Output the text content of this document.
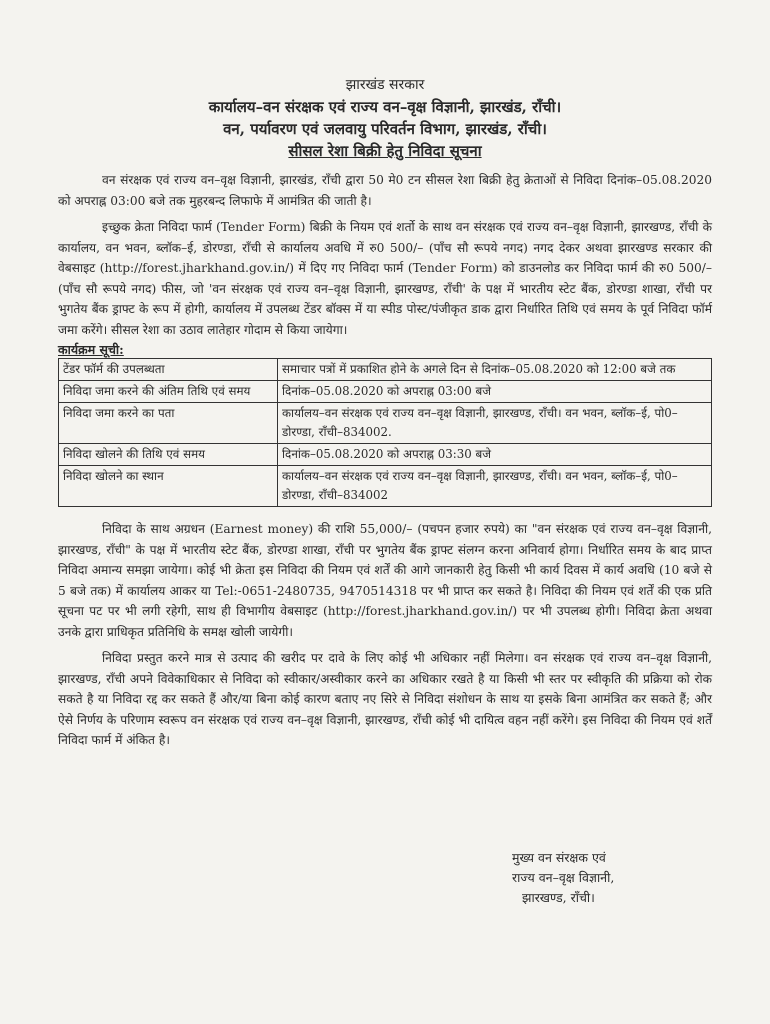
झारखंड सरकार
कार्यालय–वन संरक्षक एवं राज्य वन–वृक्ष विज्ञानी, झारखंड, राँची।
वन, पर्यावरण एवं जलवायु परिवर्तन विभाग, झारखंड, राँची।
सीसल रेशा बिक्री हेतु निविदा सूचना

वन संरक्षक एवं राज्य वन–वृक्ष विज्ञानी, झारखंड, राँची द्वारा 50 मे0 टन सीसल रेशा बिक्री हेतु क्रेताओं से निविदा दिनांक–05.08.2020 को अपराह्न 03:00 बजे तक मुहरबन्द लिफाफे में आमंत्रित की जाती है।

इच्छुक क्रेता निविदा फार्म (Tender Form) बिक्री के नियम एवं शर्तो के साथ वन संरक्षक एवं राज्य वन–वृक्ष विज्ञानी, झारखण्ड, राँची के कार्यालय, वन भवन, ब्लॉक–ई, डोरण्डा, राँची से कार्यालय अवधि में रु0 500/– (पाँच सौ रूपये नगद) नगद देकर अथवा झारखण्ड सरकार की वेबसाइट (http://forest.jharkhand.gov.in/) में दिए गए निविदा फार्म (Tender Form) को डाउनलोड कर निविदा फार्म की रु0 500/– (पाँच सौ रूपये नगद) फीस, जो 'वन संरक्षक एवं राज्य वन–वृक्ष विज्ञानी, झारखण्ड, राँची' के पक्ष में भारतीय स्टेट बैंक, डोरण्डा शाखा, राँची पर भुगतेय बैंक ड्राफ्ट के रूप में होगी, कार्यालय में उपलब्ध टेंडर बॉक्स में या स्पीड पोस्ट/पंजीकृत डाक द्वारा निर्धारित तिथि एवं समय के पूर्व निविदा फॉर्म जमा करेंगे। सीसल रेशा का उठाव लातेहार गोदाम से किया जायेगा।

कार्यक्रम सूची:
टेंडर फॉर्म की उपलब्धता	समाचार पत्रों में प्रकाशित होने के अगले दिन से दिनांक–05.08.2020 को 12:00 बजे तक
निविदा जमा करने की अंतिम तिथि एवं समय	दिनांक–05.08.2020 को अपराह्न 03:00 बजे
निविदा जमा करने का पता	कार्यालय–वन संरक्षक एवं राज्य वन–वृक्ष विज्ञानी, झारखण्ड, राँची। वन भवन, ब्लॉक–ई, पो0–डोरण्डा, राँची–834002.
निविदा खोलने की तिथि एवं समय	दिनांक–05.08.2020 को अपराह्न 03:30 बजे
निविदा खोलने का स्थान	कार्यालय–वन संरक्षक एवं राज्य वन–वृक्ष विज्ञानी, झारखण्ड, राँची। वन भवन, ब्लॉक–ई, पो0–डोरण्डा, राँची–834002

निविदा के साथ अग्रधन (Earnest money) की राशि 55,000/– (पचपन हजार रुपये) का "वन संरक्षक एवं राज्य वन–वृक्ष विज्ञानी, झारखण्ड, राँची" के पक्ष में भारतीय स्टेट बैंक, डोरण्डा शाखा, राँची पर भुगतेय बैंक ड्राफ्ट संलग्न करना अनिवार्य होगा। निर्धारित समय के बाद प्राप्त निविदा अमान्य समझा जायेगा। कोई भी क्रेता इस निविदा की नियम एवं शर्तें की आगे जानकारी हेतु किसी भी कार्य दिवस में कार्य अवधि (10 बजे से 5 बजे तक) में कार्यालय आकर या Tel:-0651-2480735, 9470514318 पर भी प्राप्त कर सकते है। निविदा की नियम एवं शर्तें की एक प्रति सूचना पट पर भी लगी रहेगी, साथ ही विभागीय वेबसाइट (http://forest.jharkhand.gov.in/) पर भी उपलब्ध होगी। निविदा क्रेता अथवा उनके द्वारा प्राधिकृत प्रतिनिधि के समक्ष खोली जायेगी।

निविदा प्रस्तुत करने मात्र से उत्पाद की खरीद पर दावे के लिए कोई भी अधिकार नहीं मिलेगा। वन संरक्षक एवं राज्य वन–वृक्ष विज्ञानी, झारखण्ड, राँची अपने विवेकाधिकार से निविदा को स्वीकार/अस्वीकार करने का अधिकार रखते है या किसी भी स्तर पर स्वीकृति की प्रक्रिया को रोक सकते है या निविदा रद्द कर सकते हैं और/या बिना कोई कारण बताए नए सिरे से निविदा संशोधन के साथ या इसके बिना आमंत्रित कर सकते हैं; और ऐसे निर्णय के परिणाम स्वरूप वन संरक्षक एवं राज्य वन–वृक्ष विज्ञानी, झारखण्ड, राँची कोई भी दायित्व वहन नहीं करेंगे। इस निविदा की नियम एवं शर्तें निविदा फार्म में अंकित है।

मुख्य वन संरक्षक एवं
राज्य वन–वृक्ष विज्ञानी,
झारखण्ड, राँची।
